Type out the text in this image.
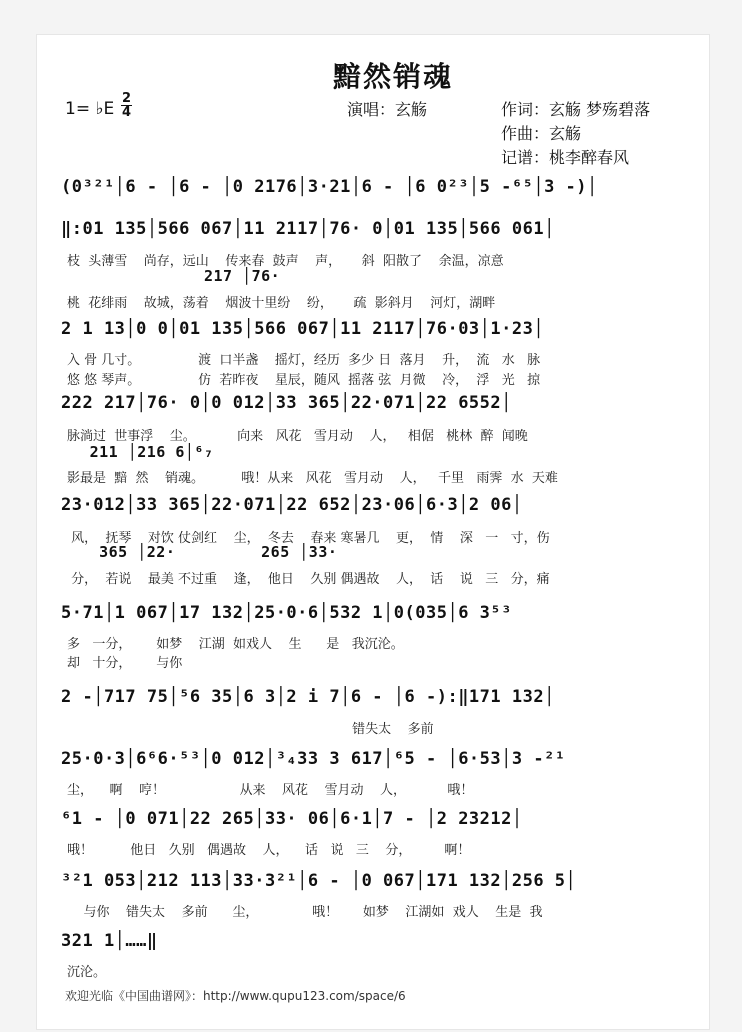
黯然销魂
1= ♭E
2
4	演唱：玄觞	作词：玄觞 梦殇碧落
作曲：玄觞
记谱：桃李醉春风
(0³²¹│6 - │6 - │0 2176│3·21│6 - │6 0²³│5 -⁶⁵│3 -)│
‖:01 135│566 067│11 2117│76· 0│01 135│566 061│
枝  头薄雪    尚存，远山    传来春  鼓声    声，     斜  阳散了    余温，凉意
217 │76·
桃  花绯雨    故城，荡着    烟波十里纷    纷，     疏  影斜月    河灯，湖畔
2 1 13│0 0│01 135│566 067│11 2117│76·03│1·23│
入 骨 几寸。              渡  口半盏    摇灯，经历  多少 日  落月    升，  流   水   脉
悠 悠 琴声。              仿  若昨夜    星辰，随风  摇落 弦  月微    冷，  浮   光   掠
222 217│76· 0│0 012│33 365│22·071│22 6552│
脉淌过  世事浮    尘。          向来   风花   雪月动    人，   相倨   桃林  醉  闻晚
211 │216 6│⁶₇
影最是  黯  然    销魂。         哦！从来   风花   雪月动    人，   千里   雨霁  水  天难
23·012│33 365│22·071│22 652│23·06│6·3│2 06│
风，  抚琴    对饮 仗剑红    尘，  冬去    春来 寒暑几    更，  情    深   一   寸，伤
365 │22·         265 │33·
分，  若说    最美 不过重    逢，  他日    久别 偶遇故    人，  话    说   三   分，痛
5·71│1 067│17 132│25·0·6│532 1│0(035│6 3⁵³
多   一分，      如梦    江湖  如戏人    生      是   我沉沦。
却   十分，      与你
2 -│717 75│⁵6 35│6 3│2 i 7│6 - │6 -):‖171 132│
错失太    多前
25·0·3│6⁶6·⁵³│0 012│³₄33 3 617│⁶5 - │6·53│3 -²¹
尘，    啊    哼！                  从来    风花    雪月动    人，          哦！
⁶1 - │0 071│22 265│33· 06│6·1│7 - │2 23212│
哦！         他日   久别   偶遇故    人，    话   说   三    分，        啊！
³²1 053│212 113│33·3²¹│6 - │0 067│171 132│256 5│
与你    错失太    多前      尘，             哦！      如梦    江湖如  戏人    生是  我
321 1│……‖
沉沦。
欢迎光临《中国曲谱网》：http://www.qupu123.com/space/6
